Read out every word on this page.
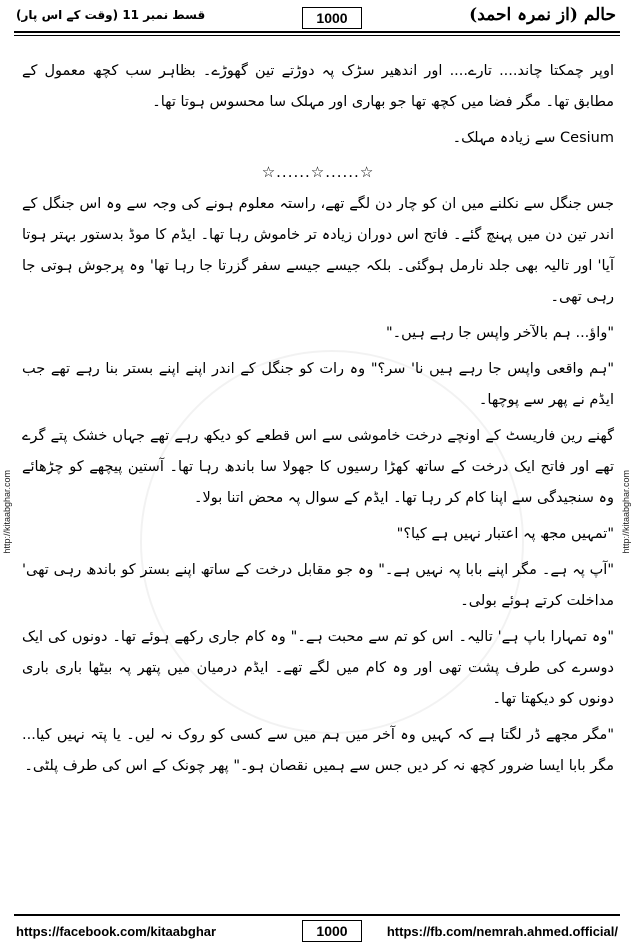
حالم (از نمرہ احمد)
1000
قسط نمبر 11 (وقت کے اس پار)
http://kitaabghar.com	http://kitaabghar.com

اوپر چمکتا چاند.... تارے.... اور اندھیر سڑک پہ دوڑتے تین گھوڑے۔ بظاہر سب کچھ معمول کے مطابق تھا۔ مگر فضا میں کچھ تھا جو بھاری اور مہلک سا محسوس ہوتا تھا۔

Cesium سے زیادہ مہلک۔

☆......☆......☆

جس جنگل سے نکلنے میں ان کو چار دن لگے تھے، راستہ معلوم ہونے کی وجہ سے وہ اس جنگل کے اندر تین دن میں پہنچ گئے۔ فاتح اس دوران زیادہ تر خاموش رہا تھا۔ ایڈم کا موڈ بدستور بہتر ہوتا آیا' اور تالیہ بھی جلد نارمل ہوگئی۔ بلکہ جیسے جیسے سفر گزرتا جا رہا تھا' وہ پرجوش ہوتی جا رہی تھی۔

"واؤ... ہم بالآخر واپس جا رہے ہیں۔"

"ہم واقعی واپس جا رہے ہیں نا' سر؟" وہ رات کو جنگل کے اندر اپنے اپنے بستر بنا رہے تھے جب ایڈم نے پھر سے پوچھا۔

گھنے رین فاریسٹ کے اونچے درخت خاموشی سے اس قطعے کو دیکھ رہے تھے جہاں خشک پتے گرے تھے اور فاتح ایک درخت کے ساتھ کھڑا رسیوں کا جھولا سا باندھ رہا تھا۔ آستین پیچھے کو چڑھائے وہ سنجیدگی سے اپنا کام کر رہا تھا۔ ایڈم کے سوال پہ محض اتنا بولا۔

"تمہیں مجھ پہ اعتبار نہیں ہے کیا؟"

"آپ پہ ہے۔ مگر اپنے بابا پہ نہیں ہے۔" وہ جو مقابل درخت کے ساتھ اپنے بستر کو باندھ رہی تھی' مداخلت کرتے ہوئے بولی۔

"وہ تمہارا باپ ہے' تالیہ۔ اس کو تم سے محبت ہے۔" وہ کام جاری رکھے ہوئے تھا۔ دونوں کی ایک دوسرے کی طرف پشت تھی اور وہ کام میں لگے تھے۔ ایڈم درمیان میں پتھر پہ بیٹھا باری باری دونوں کو دیکھتا تھا۔

"مگر مجھے ڈر لگتا ہے کہ کہیں وہ آخر میں ہم میں سے کسی کو روک نہ لیں۔ یا پتہ نہیں کیا... مگر بابا ایسا ضرور کچھ نہ کر دیں جس سے ہمیں نقصان ہو۔" پھر چونک کے اس کی طرف پلٹی۔

https://facebook.com/kitaabghar	1000	https://fb.com/nemrah.ahmed.official/
